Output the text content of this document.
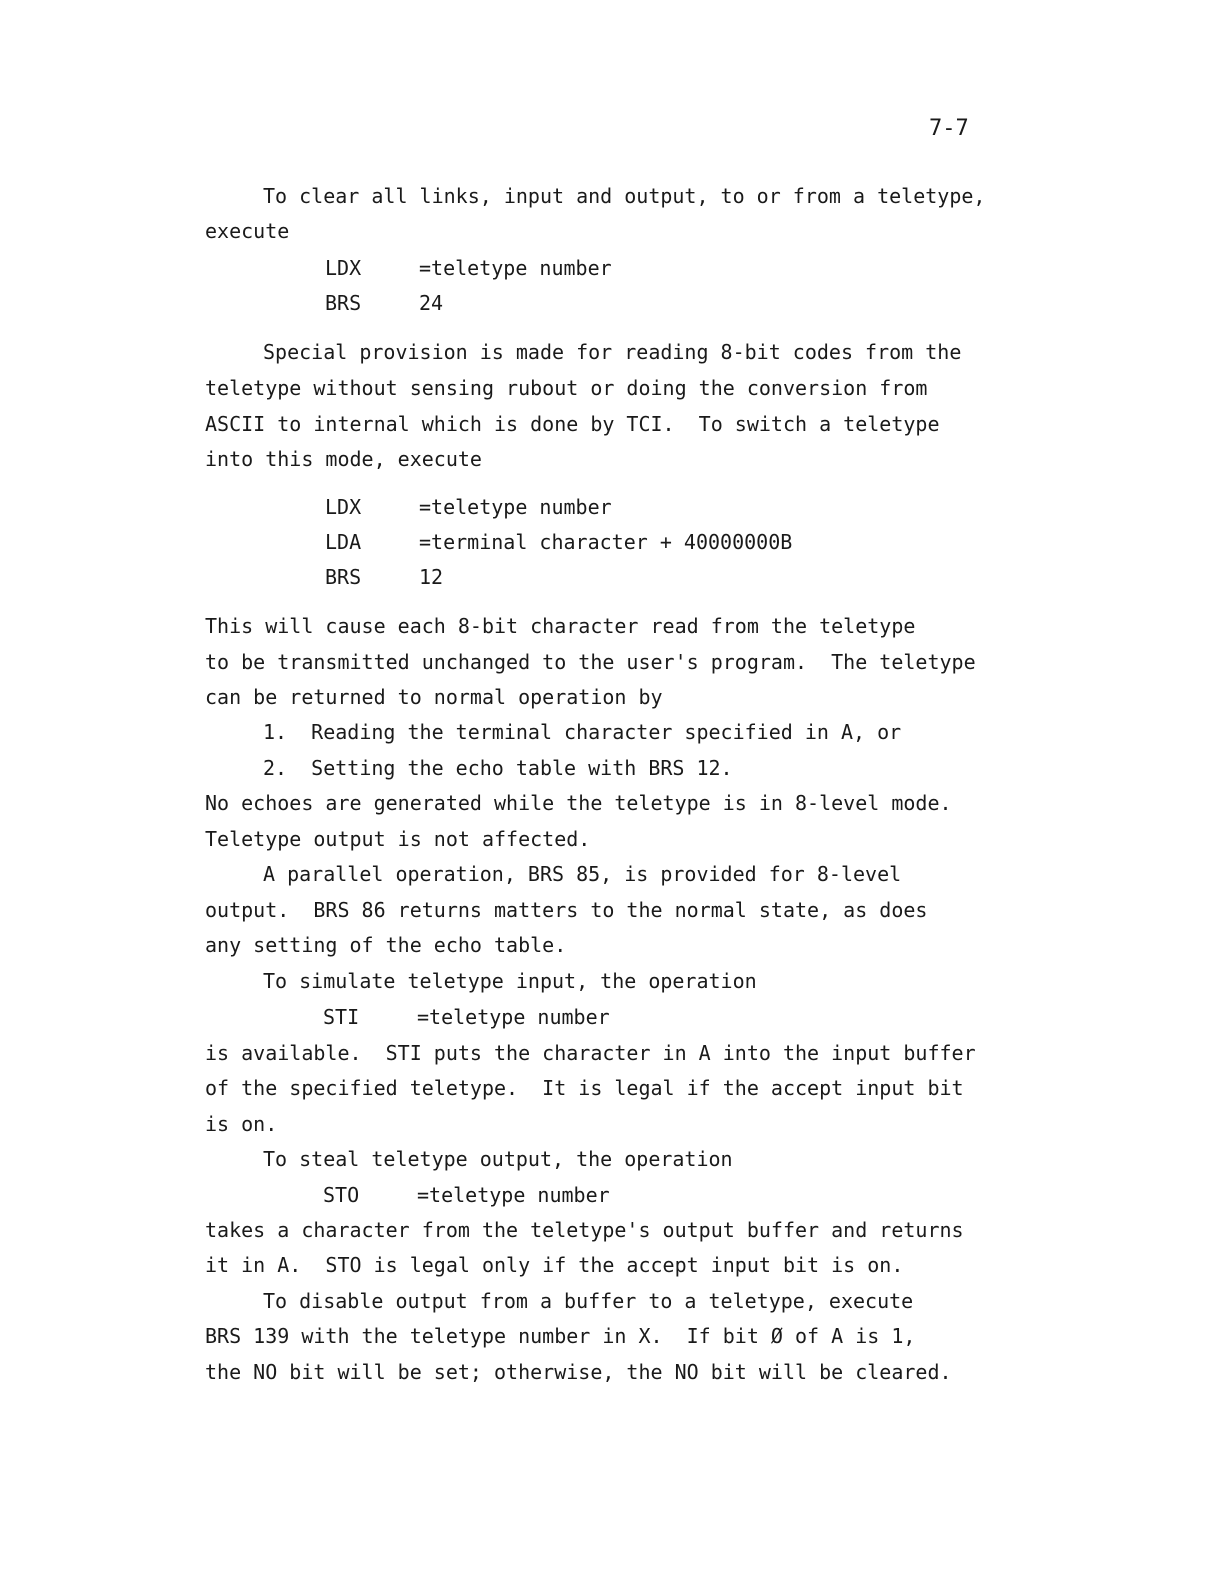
7-7
To clear all links, input and output, to or from a teletype,
execute
LDX	=teletype number
BRS	24
Special provision is made for reading 8-bit codes from the
teletype without sensing rubout or doing the conversion from
ASCII to internal which is done by TCI.  To switch a teletype
into this mode, execute
LDX	=teletype number
LDA	=terminal character + 40000000B
BRS	12
This will cause each 8-bit character read from the teletype
to be transmitted unchanged to the user's program.  The teletype
can be returned to normal operation by
1.  Reading the terminal character specified in A, or
2.  Setting the echo table with BRS 12.
No echoes are generated while the teletype is in 8-level mode.
Teletype output is not affected.
A parallel operation, BRS 85, is provided for 8-level
output.  BRS 86 returns matters to the normal state, as does
any setting of the echo table.
To simulate teletype input, the operation
STI	=teletype number
is available.  STI puts the character in A into the input buffer
of the specified teletype.  It is legal if the accept input bit
is on.
To steal teletype output, the operation
STO	=teletype number
takes a character from the teletype's output buffer and returns
it in A.  STO is legal only if the accept input bit is on.
To disable output from a buffer to a teletype, execute
BRS 139 with the teletype number in X.  If bit Ø of A is 1,
the NO bit will be set; otherwise, the NO bit will be cleared.
